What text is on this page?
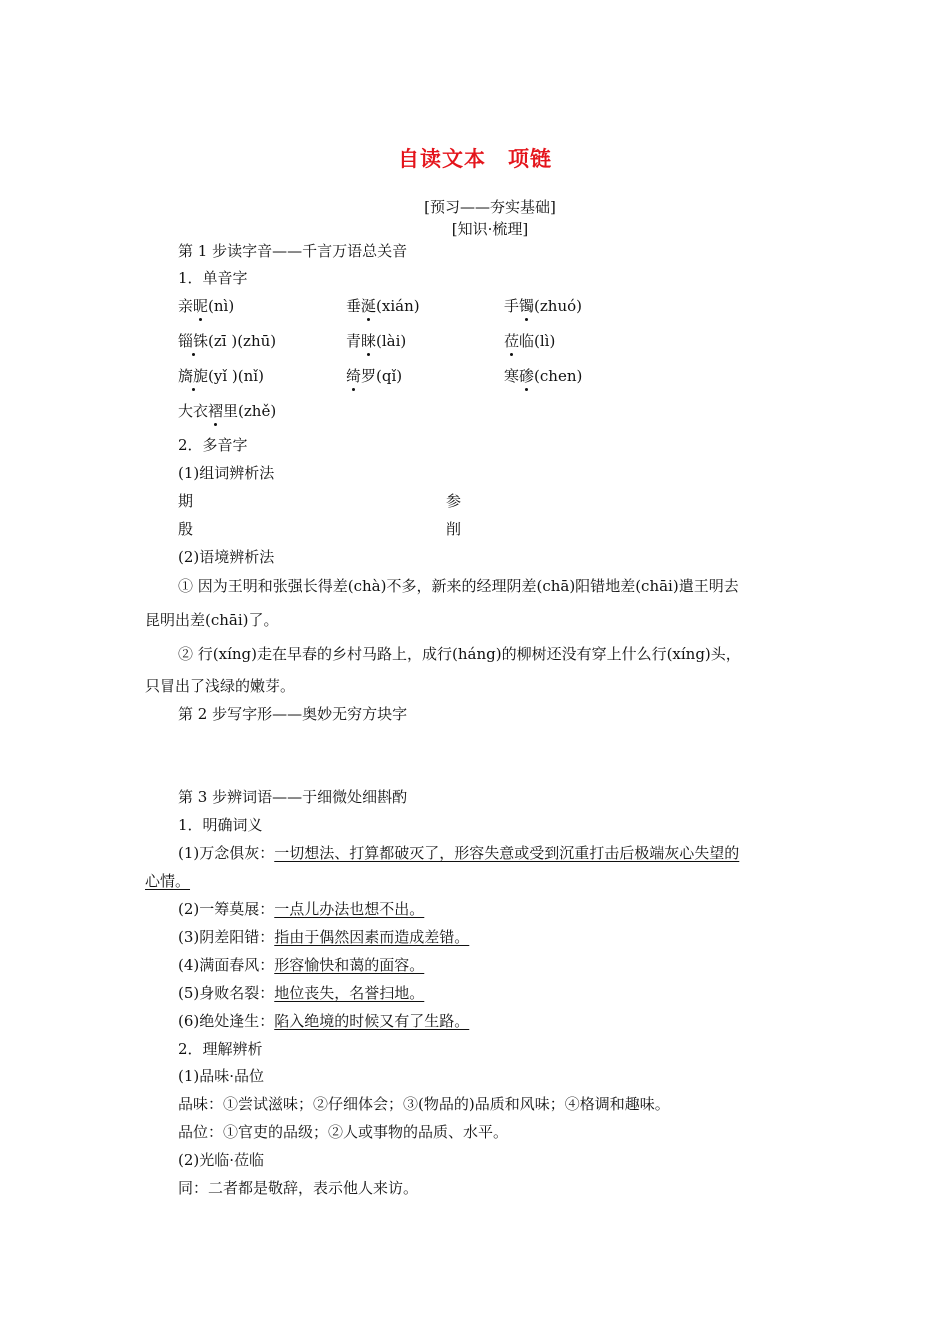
自读文本　项链
[预习——夯实基础]
[知识·梳理]
第 1 步读字音——千言万语总关音
1．单音字
亲昵(nì)	垂涎(xián)	手镯(zhuó)
锱铢(zī )(zhū)	青睐(lài)	莅临(lì)
旖旎(yǐ )(nǐ)	绮罗(qǐ)	寒碜(chen)
大衣褶里(zhě)
2．多音字
(1)组词辨析法
期	参
殷	削
(2)语境辨析法
① 因为王明和张强长得差(chà)不多，新来的经理阴差(chā)阳错地差(chāi)遣王明去
昆明出差(chāi)了。
② 行(xíng)走在早春的乡村马路上，成行(háng)的柳树还没有穿上什么行(xíng)头，
只冒出了浅绿的嫩芽。
第 2 步写字形——奥妙无穷方块字
第 3 步辨词语——于细微处细斟酌
1．明确词义
(1)万念俱灰：一切想法、打算都破灭了，形容失意或受到沉重打击后极端灰心失望的
心情。
(2)一筹莫展：一点儿办法也想不出。
(3)阴差阳错：指由于偶然因素而造成差错。
(4)满面春风：形容愉快和蔼的面容。
(5)身败名裂：地位丧失，名誉扫地。
(6)绝处逢生：陷入绝境的时候又有了生路。
2．理解辨析
(1)品味·品位
品味：①尝试滋味；②仔细体会；③(物品的)品质和风味；④格调和趣味。
品位：①官吏的品级；②人或事物的品质、水平。
(2)光临·莅临
同：二者都是敬辞，表示他人来访。
